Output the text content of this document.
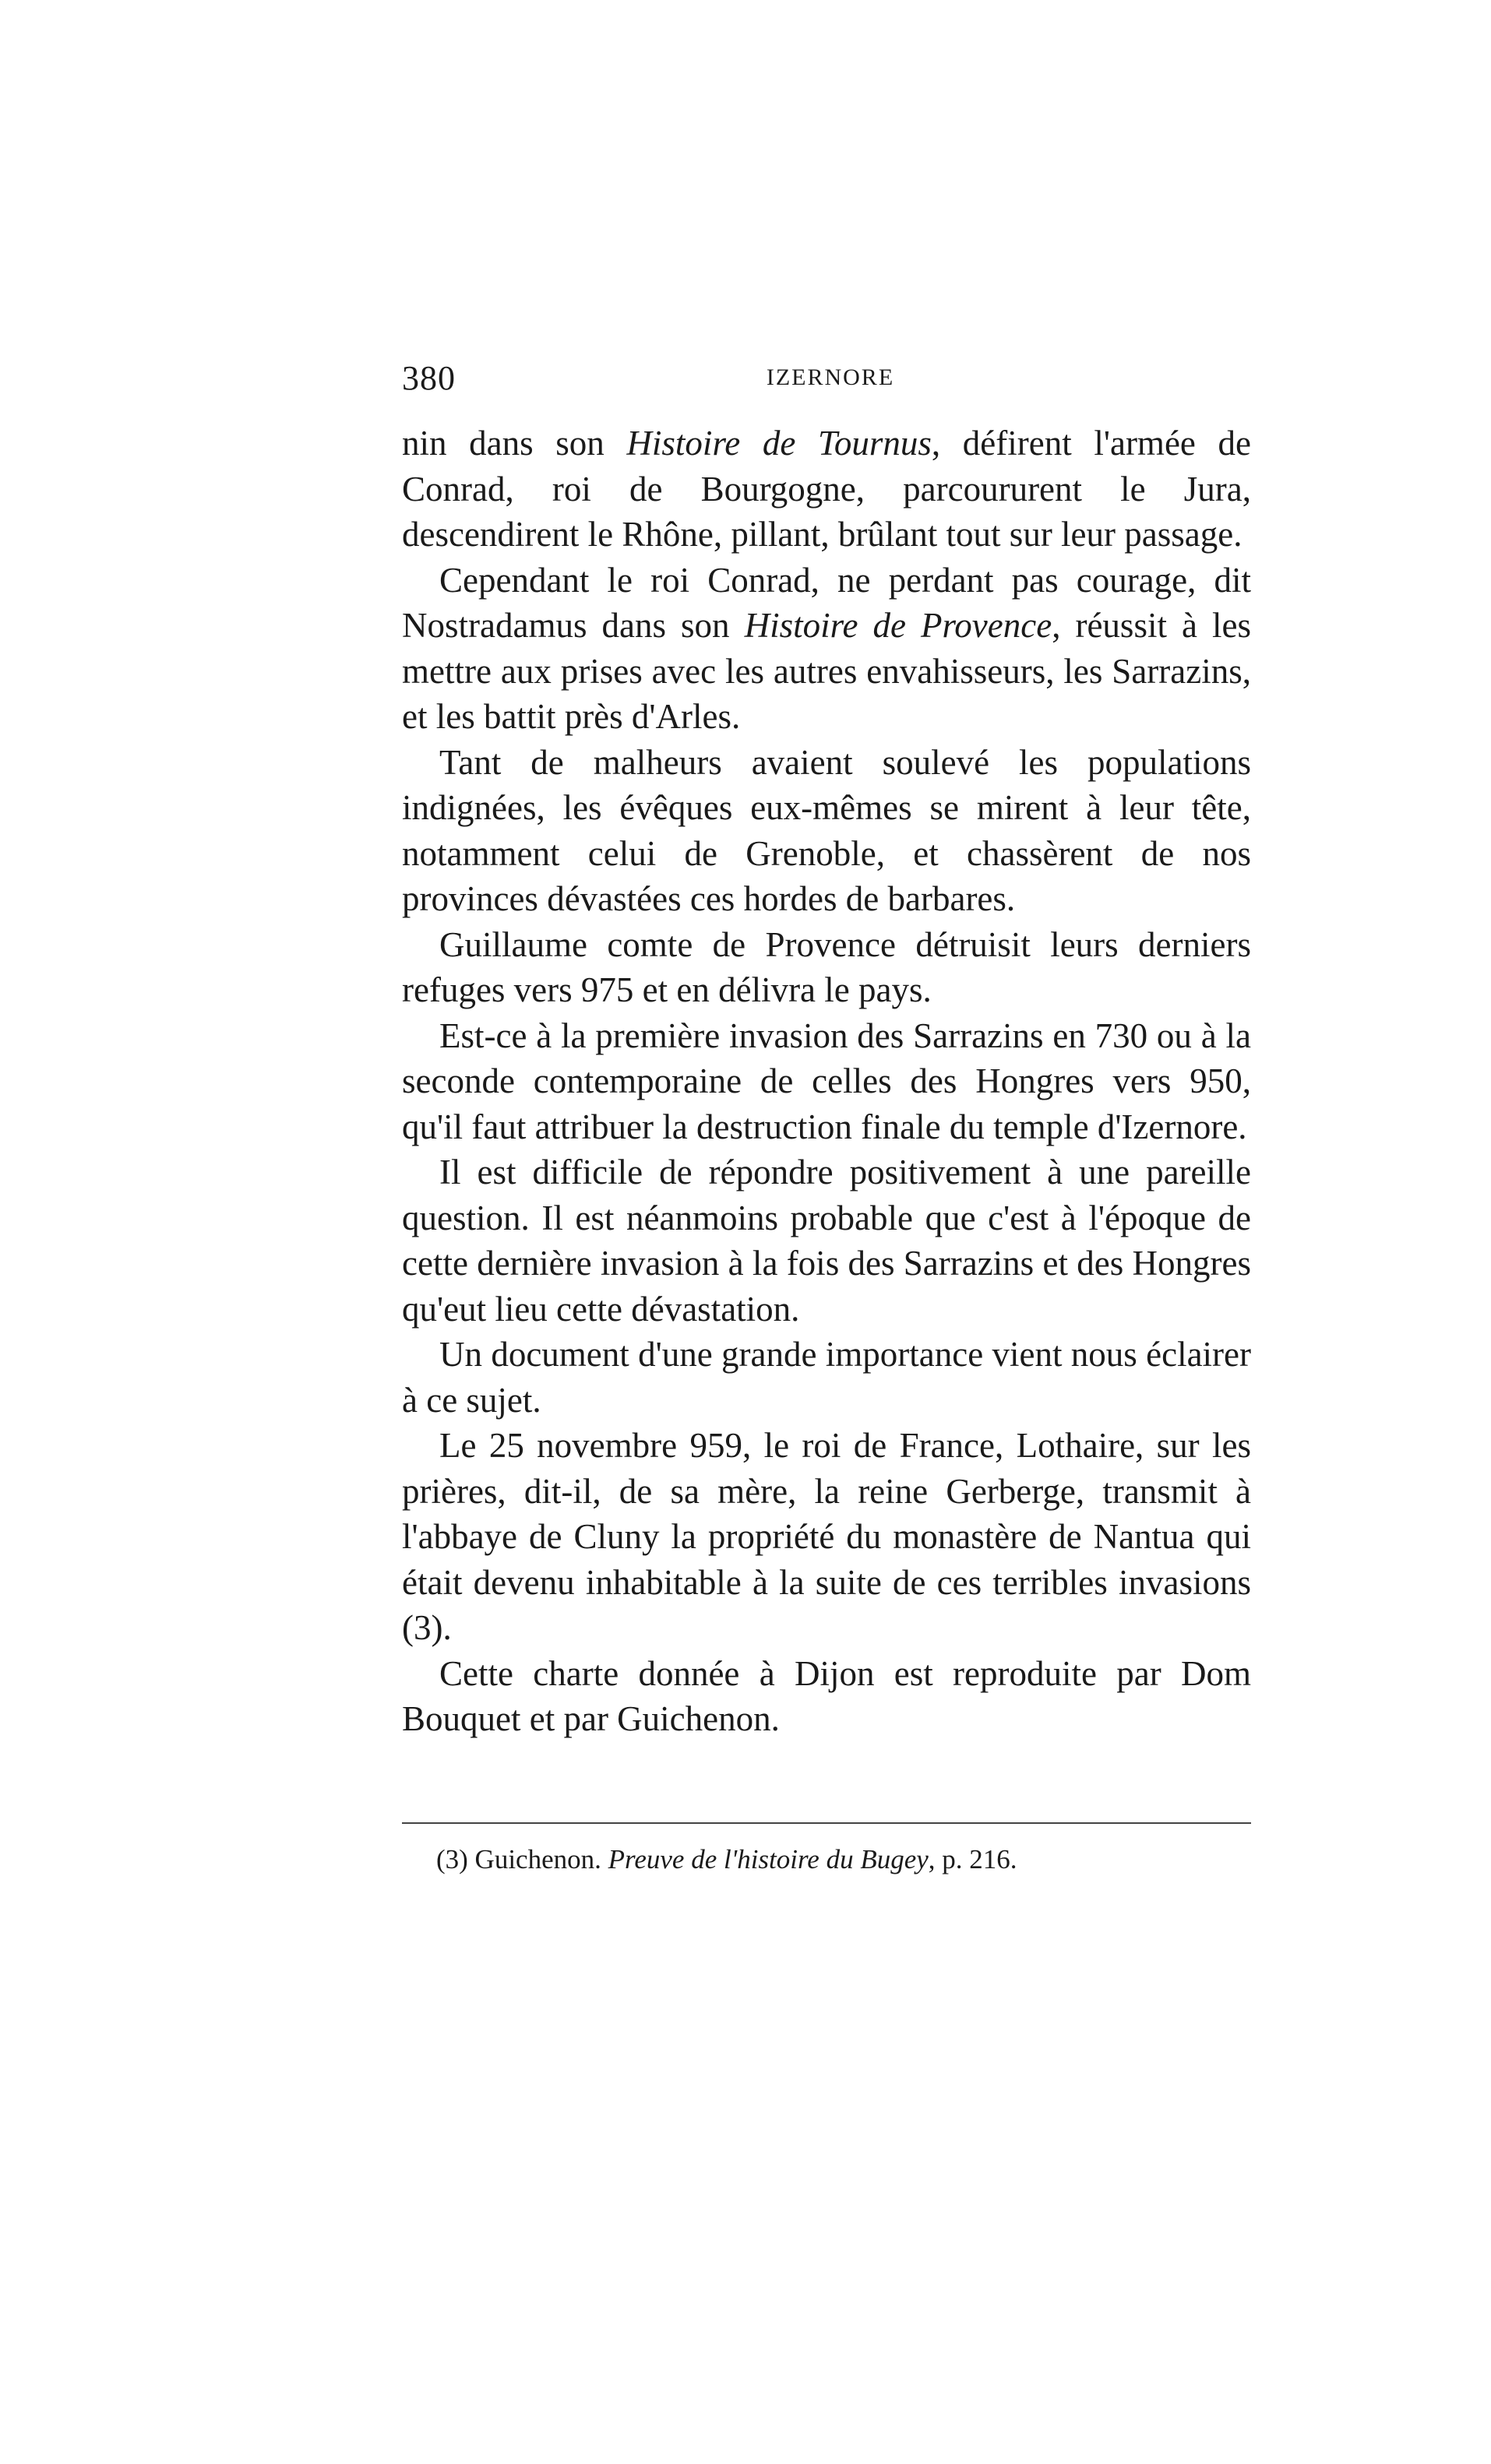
380	IZERNORE

nin dans son Histoire de Tournus, défirent l'armée de Conrad, roi de Bourgogne, parcoururent le Jura, descendirent le Rhône, pillant, brûlant tout sur leur passage.

Cependant le roi Conrad, ne perdant pas courage, dit Nostradamus dans son Histoire de Provence, réussit à les mettre aux prises avec les autres envahisseurs, les Sarrazins, et les battit près d'Arles.

Tant de malheurs avaient soulevé les populations indignées, les évêques eux-mêmes se mirent à leur tête, notamment celui de Grenoble, et chassèrent de nos provinces dévastées ces hordes de barbares.

Guillaume comte de Provence détruisit leurs derniers refuges vers 975 et en délivra le pays.

Est-ce à la première invasion des Sarrazins en 730 ou à la seconde contemporaine de celles des Hongres vers 950, qu'il faut attribuer la destruction finale du temple d'Izernore.

Il est difficile de répondre positivement à une pareille question. Il est néanmoins probable que c'est à l'époque de cette dernière invasion à la fois des Sarrazins et des Hongres qu'eut lieu cette dévastation.

Un document d'une grande importance vient nous éclairer à ce sujet.

Le 25 novembre 959, le roi de France, Lothaire, sur les prières, dit-il, de sa mère, la reine Gerberge, transmit à l'abbaye de Cluny la propriété du monastère de Nantua qui était devenu inhabitable à la suite de ces terribles invasions (3).

Cette charte donnée à Dijon est reproduite par Dom Bouquet et par Guichenon.

(3) Guichenon. Preuve de l'histoire du Bugey, p. 216.
